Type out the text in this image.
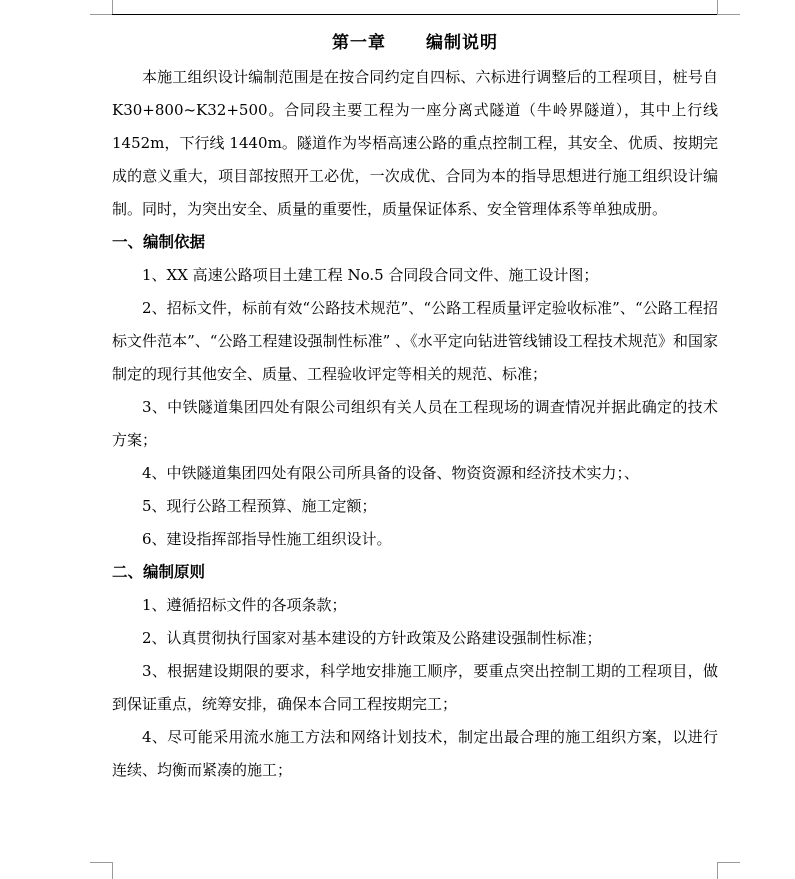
第一章 编制说明

本施工组织设计编制范围是在按合同约定自四标、六标进行调整后的工程项目，桩号自 K30+800~K32+500。合同段主要工程为一座分离式隧道（牛岭界隧道），其中上行线 1452m，下行线 1440m。隧道作为岑梧高速公路的重点控制工程，其安全、优质、按期完成的意义重大，项目部按照开工必优，一次成优、合同为本的指导思想进行施工组织设计编制。同时，为突出安全、质量的重要性，质量保证体系、安全管理体系等单独成册。

一、编制依据

1、XX 高速公路项目土建工程 No.5 合同段合同文件、施工设计图；

2、招标文件，标前有效“公路技术规范”、“公路工程质量评定验收标准”、“公路工程招标文件范本”、“公路工程建设强制性标准” 、《水平定向钻进管线铺设工程技术规范》和国家制定的现行其他安全、质量、工程验收评定等相关的规范、标准；

3、中铁隧道集团四处有限公司组织有关人员在工程现场的调查情况并据此确定的技术方案；

4、中铁隧道集团四处有限公司所具备的设备、物资资源和经济技术实力；、

5、现行公路工程预算、施工定额；

6、建设指挥部指导性施工组织设计。

二、编制原则

1、遵循招标文件的各项条款；

2、认真贯彻执行国家对基本建设的方针政策及公路建设强制性标准；

3、根据建设期限的要求，科学地安排施工顺序，要重点突出控制工期的工程项目，做到保证重点，统筹安排，确保本合同工程按期完工；

4、尽可能采用流水施工方法和网络计划技术，制定出最合理的施工组织方案，以进行连续、均衡而紧凑的施工；
